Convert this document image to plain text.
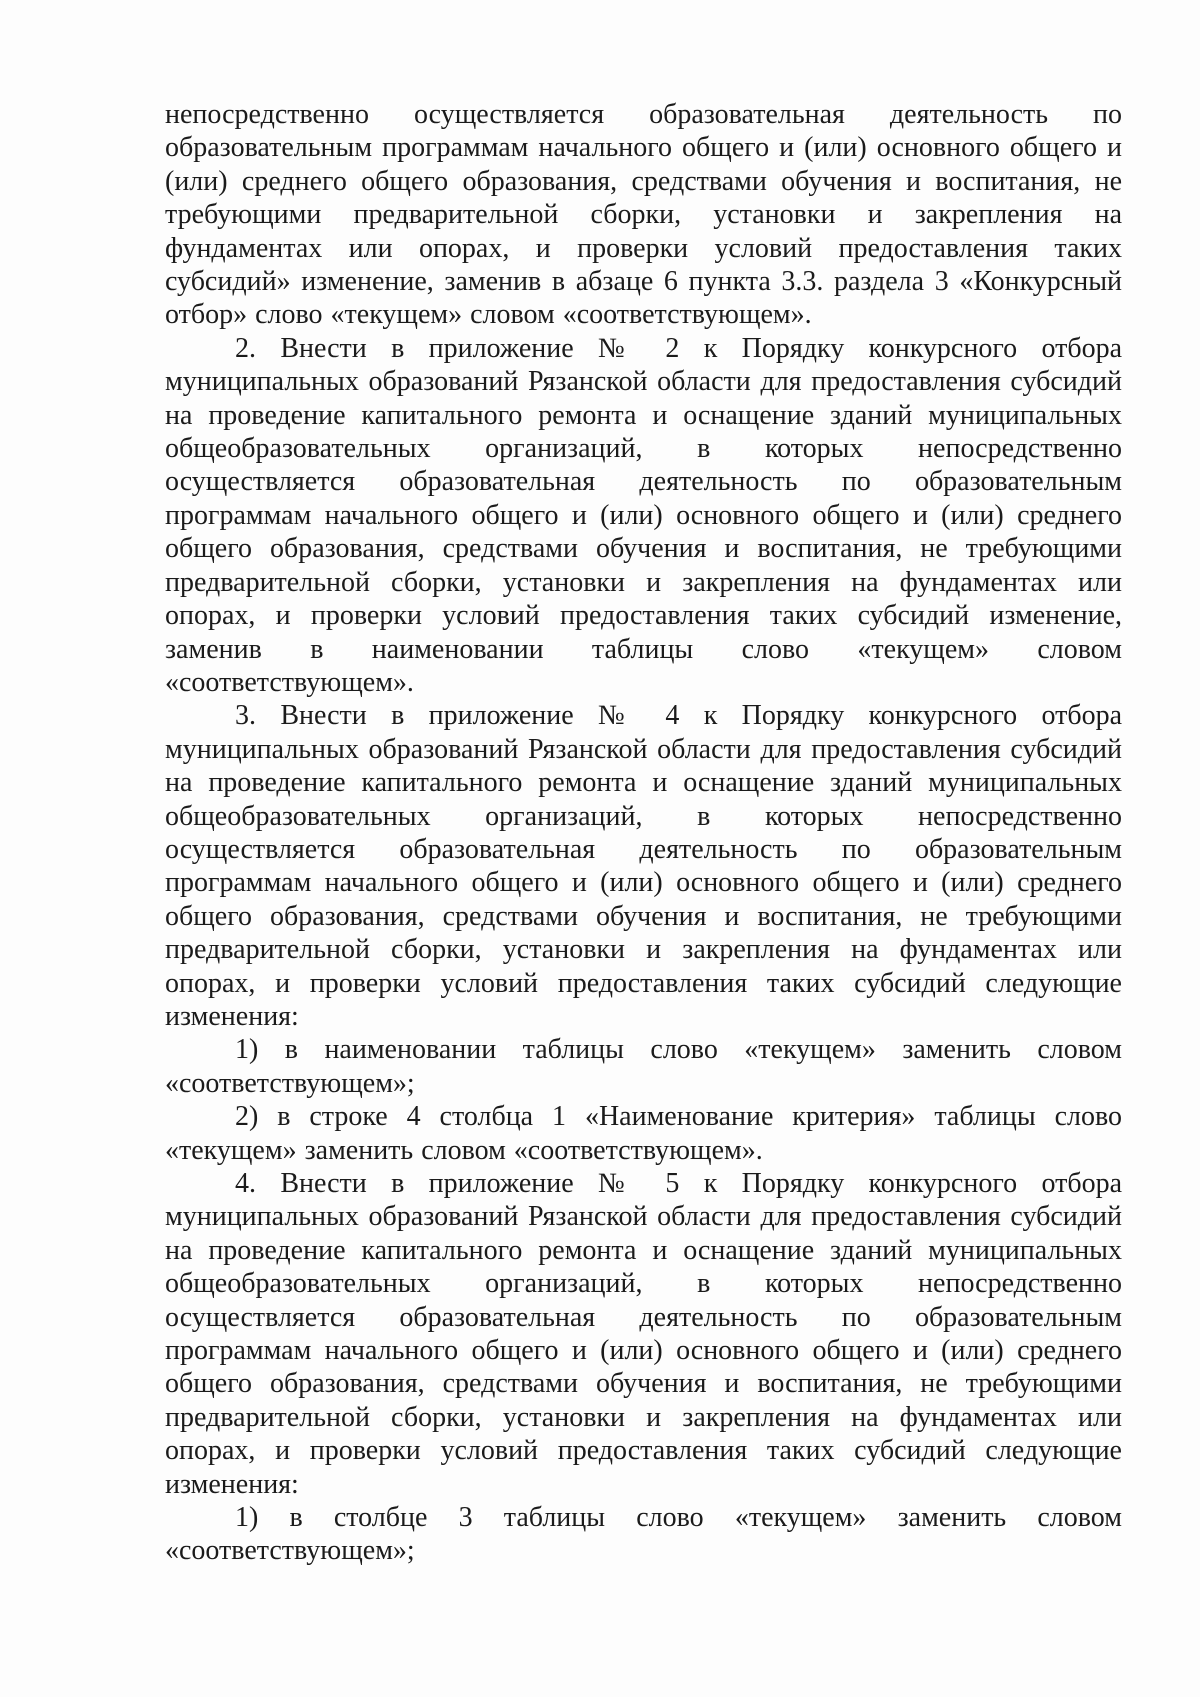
непосредственно осуществляется образовательная деятельность по образовательным программам начального общего и (или) основного общего и (или) среднего общего образования, средствами обучения и воспитания, не требующими предварительной сборки, установки и закрепления на фундаментах или опорах, и проверки условий предоставления таких субсидий» изменение, заменив в абзаце 6 пункта 3.3. раздела 3 «Конкурсный отбор» слово «текущем» словом «соответствующем».

2. Внести в приложение № 2 к Порядку конкурсного отбора муниципальных образований Рязанской области для предоставления субсидий на проведение капитального ремонта и оснащение зданий муниципальных общеобразовательных организаций, в которых непосредственно осуществляется образовательная деятельность по образовательным программам начального общего и (или) основного общего и (или) среднего общего образования, средствами обучения и воспитания, не требующими предварительной сборки, установки и закрепления на фундаментах или опорах, и проверки условий предоставления таких субсидий изменение, заменив в наименовании таблицы слово «текущем» словом «соответствующем».

3. Внести в приложение № 4 к Порядку конкурсного отбора муниципальных образований Рязанской области для предоставления субсидий на проведение капитального ремонта и оснащение зданий муниципальных общеобразовательных организаций, в которых непосредственно осуществляется образовательная деятельность по образовательным программам начального общего и (или) основного общего и (или) среднего общего образования, средствами обучения и воспитания, не требующими предварительной сборки, установки и закрепления на фундаментах или опорах, и проверки условий предоставления таких субсидий следующие изменения:

1) в наименовании таблицы слово «текущем» заменить словом «соответствующем»;

2) в строке 4 столбца 1 «Наименование критерия» таблицы слово «текущем» заменить словом «соответствующем».

4. Внести в приложение № 5 к Порядку конкурсного отбора муниципальных образований Рязанской области для предоставления субсидий на проведение капитального ремонта и оснащение зданий муниципальных общеобразовательных организаций, в которых непосредственно осуществляется образовательная деятельность по образовательным программам начального общего и (или) основного общего и (или) среднего общего образования, средствами обучения и воспитания, не требующими предварительной сборки, установки и закрепления на фундаментах или опорах, и проверки условий предоставления таких субсидий следующие изменения:

1) в столбце 3 таблицы слово «текущем» заменить словом «соответствующем»;
